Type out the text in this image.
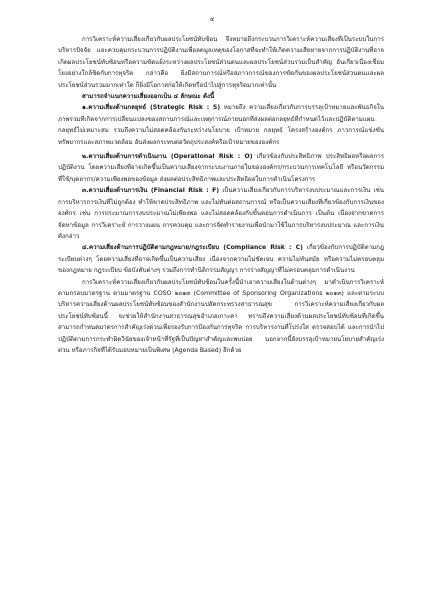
๕

การวิเคราะห์ความเสี่ยงเกี่ยวกับผลประโยชน์ทับซ้อน จึงหมายถึงกระบวนการวิเคราะห์ความเสี่ยงที่เป็นระบบในการบริหารปัจจัย และควบคุมกระบวนการปฏิบัติงานเพื่อลดมูลเหตุของโอกาสที่จะทำให้เกิดความเสียหายจากการปฏิบัติงานที่อาจเกิดผลประโยชน์ทับซ้อนหรือความขัดแย้งระหว่างผลประโยชน์ส่วนตนและผลประโยชน์ส่วนรวมเป็นสำคัญ อันเกี่ยวเนื่องเชื่อมโยงอย่างใกล้ชิดกับการทุจริต กล่าวคือ ยิ่งมีสถานการณ์หรือสภาวการณ์ของการขัดกันของผลประโยชน์ส่วนตนและผลประโยชน์ส่วนรวมมากเท่าใด ก็ยิ่งมีโอกาสก่อให้เกิดหรือนำไปสู่การทุจริตมากเท่านั้น

สามารถจำแนกความเสี่ยงออกเป็น ๔ ลักษณะ ดังนี้

๑.ความเสี่ยงด้านกลยุทธ์ (Strategic Risk : S) หมายถึง ความเสี่ยงเกี่ยวกับการบรรลุเป้าหมายและพันธกิจในภาพรวมที่เกิดจากการเปลี่ยนแปลงของสถานการณ์และเหตุการณ์ภายนอกที่ส่งผลต่อกลยุทธ์ที่กำหนดไว้และปฏิบัติตามแผนกลยุทธ์ไม่เหมาะสม รวมถึงความไม่สอดคล้องกันระหว่างนโยบาย เป้าหมาย กลยุทธ์ โครงสร้างองค์กร ภาวการณ์แข่งขัน ทรัพยากรและสภาพแวดล้อม อันส่งผลกระทบต่อวัตถุประสงค์หรือเป้าหมายขององค์กร

๒.ความเสี่ยงด้านการดำเนินงาน (Operational Risk : O) เกี่ยวข้องกับประสิทธิภาพ ประสิทธิผลหรือผลการปฏิบัติงาน โดยความเสี่ยงที่อาจเกิดขึ้นเป็นความเสี่ยงจากระบบงานภายในขององค์กร/กระบวนการเทคโนโลยี หรือนวัตกรรมที่ใช้/บุคลากร/ความเพียงพอของข้อมูล ส่งผลต่อประสิทธิภาพและประสิทธิผลในการดำเนินโครงการ

๓.ความเสี่ยงด้านการเงิน (Financial Risk : F) เป็นความเสี่ยงเกี่ยวกับการบริหารงบประมาณและการเงิน เช่น การบริหารการเงินที่ไม่ถูกต้อง ทำให้ขาดประสิทธิภาพ และไม่ทันต่อสถานการณ์ หรือเป็นความเสี่ยงที่เกี่ยวข้องกับการเงินขององค์กร เช่น การประมาณการงบประมาณไม่เพียงพอ และไม่สอดคล้องกับขั้นตอนการดำเนินการ เป็นต้น เนื่องจากขาดการจัดหาข้อมูล การวิเคราะห์ การวางแผน การควบคุม และการจัดทำรายงานเพื่อนำมาใช้ในการบริหารงบประมาณ และการเงินดังกล่าว

๔.ความเสี่ยงด้านการปฏิบัติตามกฎหมาย/กฎระเบียบ (Compliance Risk : C) เกี่ยวข้องกับการปฏิบัติตามกฎระเบียบต่างๆ โดยความเสี่ยงที่อาจเกิดขึ้นเป็นความเสี่ยง เนื่องจากความไม่ชัดเจน ความไม่ทันสมัย หรือความไม่ครอบคลุมของกฎหมาย กฎระเบียบ ข้อบังคับต่างๆ รวมถึงการทำนิติกรรมสัญญา การร่างสัญญาที่ไม่ครอบคลุมการดำเนินงาน

การวิเคราะห์ความเสี่ยงเกี่ยวกับผลประโยชน์ทับซ้อนในครั้งนี้นำเอาความเสี่ยงในด้านต่างๆ มาดำเนินการวิเคราะห์ตามกรอบมาตรฐาน ตามมาตรฐาน COSO ๒๐๑๓ (Committee of Sponsoring Organizations ๒๐๑๓) และตามระบบบริหารความเสี่ยงด้านผลประโยชน์ทับซ้อนของสำนักงานปลัดกระทรวงสาธารณสุข การวิเคราะห์ความเสี่ยงเกี่ยวกับผลประโยชน์ทับซ้อนนี้ จะช่วยให้สำนักงานสาธารณสุขอำเภอเกาะคา ทราบถึงความเสี่ยงด้านผลประโยชน์ทับซ้อนที่เกิดขึ้น สามารถกำหนดมาตรการสำคัญเร่งด่วนเพื่อรองรับการป้องกันการทุจริต การบริหารงานที่โปร่งใส ตรวจสอบได้ และการนำไปปฏิบัติตามการกระทำผิดวินัยของเจ้าหน้าที่รัฐที่เป็นปัญหาสำคัญและพบบ่อย นอกจากนี้ยังบรรลุเป้าหมายนโยบายสำคัญเร่งด่วน หรือภารกิจที่ได้รับมอบหมายเป็นพิเศษ (Agenda Based) อีกด้วย
